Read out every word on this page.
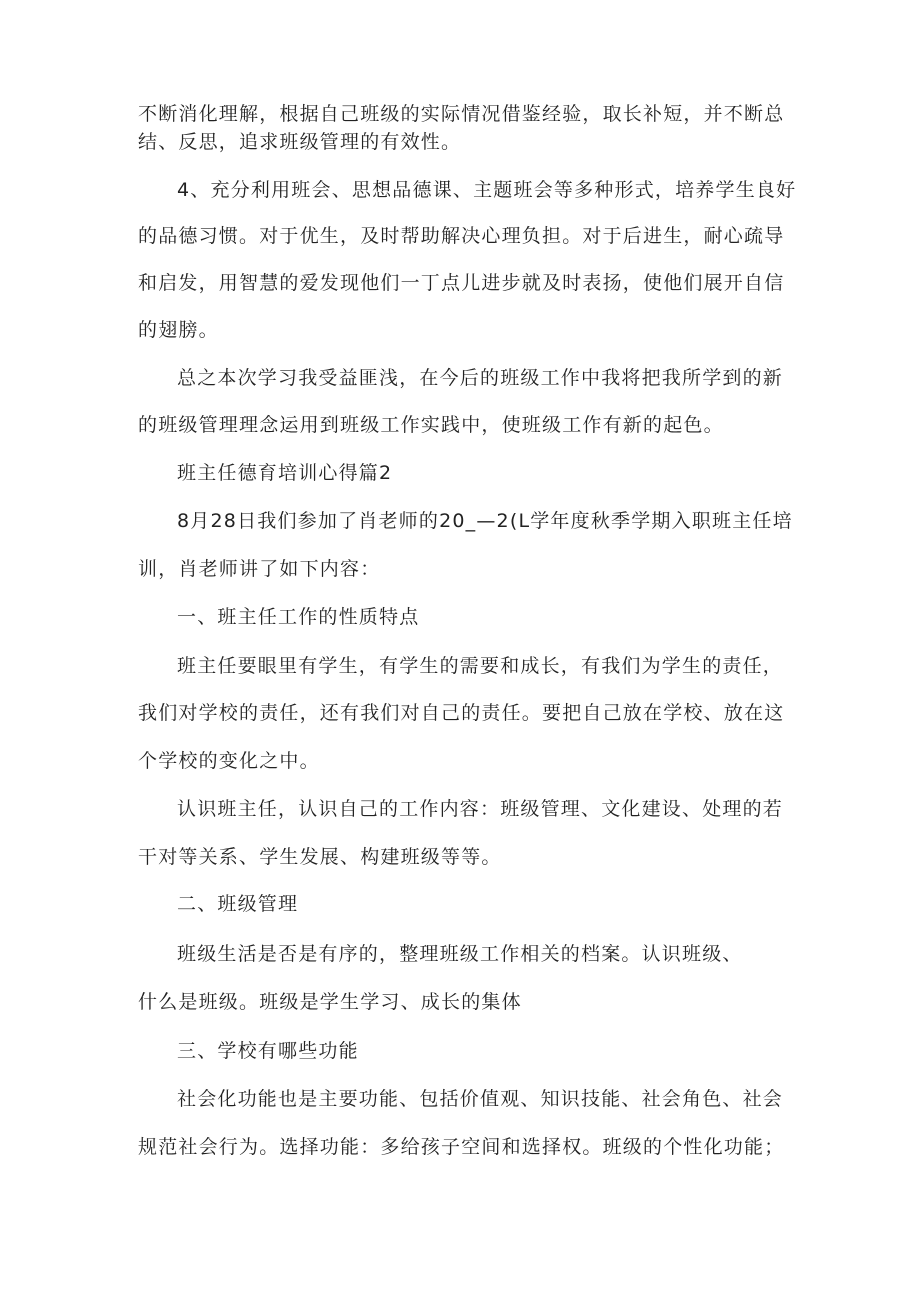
不断消化理解，根据自己班级的实际情况借鉴经验，取长补短，并不断总

结、反思，追求班级管理的有效性。

4、充分利用班会、思想品德课、主题班会等多种形式，培养学生良好

的品德习惯。对于优生，及时帮助解决心理负担。对于后进生，耐心疏导

和启发，用智慧的爱发现他们一丁点儿进步就及时表扬，使他们展开自信

的翅膀。

总之本次学习我受益匪浅，在今后的班级工作中我将把我所学到的新

的班级管理理念运用到班级工作实践中，使班级工作有新的起色。

班主任德育培训心得篇2

8月28日我们参加了肖老师的20_—2(L学年度秋季学期入职班主任培

训，肖老师讲了如下内容：

一、班主任工作的性质特点

班主任要眼里有学生，有学生的需要和成长，有我们为学生的责任，

我们对学校的责任，还有我们对自己的责任。要把自己放在学校、放在这

个学校的变化之中。

认识班主任，认识自己的工作内容：班级管理、文化建设、处理的若

干对等关系、学生发展、构建班级等等。

二、班级管理

班级生活是否是有序的，整理班级工作相关的档案。认识班级、

什么是班级。班级是学生学习、成长的集体

三、学校有哪些功能

社会化功能也是主要功能、包括价值观、知识技能、社会角色、社会

规范社会行为。选择功能：多给孩子空间和选择权。班级的个性化功能；
